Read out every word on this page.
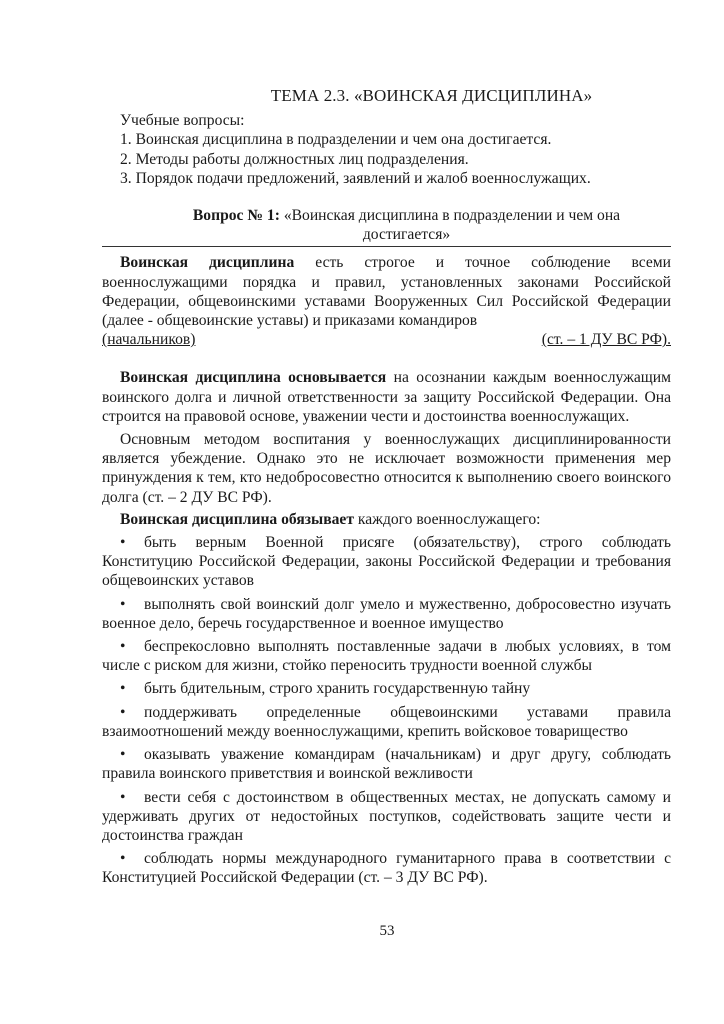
ТЕМА 2.3. «ВОИНСКАЯ ДИСЦИПЛИНА»
Учебные вопросы:
1. Воинская дисциплина в подразделении и чем она достигается.
2. Методы работы должностных лиц подразделения.
3. Порядок подачи предложений, заявлений и жалоб военнослужащих.
Вопрос № 1: «Воинская дисциплина в подразделении и чем она
достигается»

Воинская дисциплина есть строгое и точное соблюдение всеми военнослужащими порядка и правил, установленных законами Российской Федерации, общевоинскими уставами Вооруженных Сил Российской Федерации (далее - общевоинские уставы) и приказами командиров

(начальников)	(ст. – 1 ДУ ВС РФ).

Воинская дисциплина основывается на осознании каждым военнослужащим воинского долга и личной ответственности за защиту Российской Федерации. Она строится на правовой основе, уважении чести и достоинства военнослужащих.

Основным методом воспитания у военнослужащих дисциплинированности является убеждение. Однако это не исключает возможности применения мер принуждения к тем, кто недобросовестно относится к выполнению своего воинского долга (ст. – 2 ДУ ВС РФ).

Воинская дисциплина обязывает каждого военнослужащего:

• быть верным Военной присяге (обязательству), строго соблюдать Конституцию Российской Федерации, законы Российской Федерации и требования общевоинских уставов
• выполнять свой воинский долг умело и мужественно, добросовестно изучать военное дело, беречь государственное и военное имущество
• беспрекословно выполнять поставленные задачи в любых условиях, в том числе с риском для жизни, стойко переносить трудности военной службы
• быть бдительным, строго хранить государственную тайну
• поддерживать определенные общевоинскими уставами правила взаимоотношений между военнослужащими, крепить войсковое товарищество
• оказывать уважение командирам (начальникам) и друг другу, соблюдать правила воинского приветствия и воинской вежливости
• вести себя с достоинством в общественных местах, не допускать самому и удерживать других от недостойных поступков, содействовать защите чести и достоинства граждан
• соблюдать нормы международного гуманитарного права в соответствии с Конституцией Российской Федерации (ст. – 3 ДУ ВС РФ).
53
